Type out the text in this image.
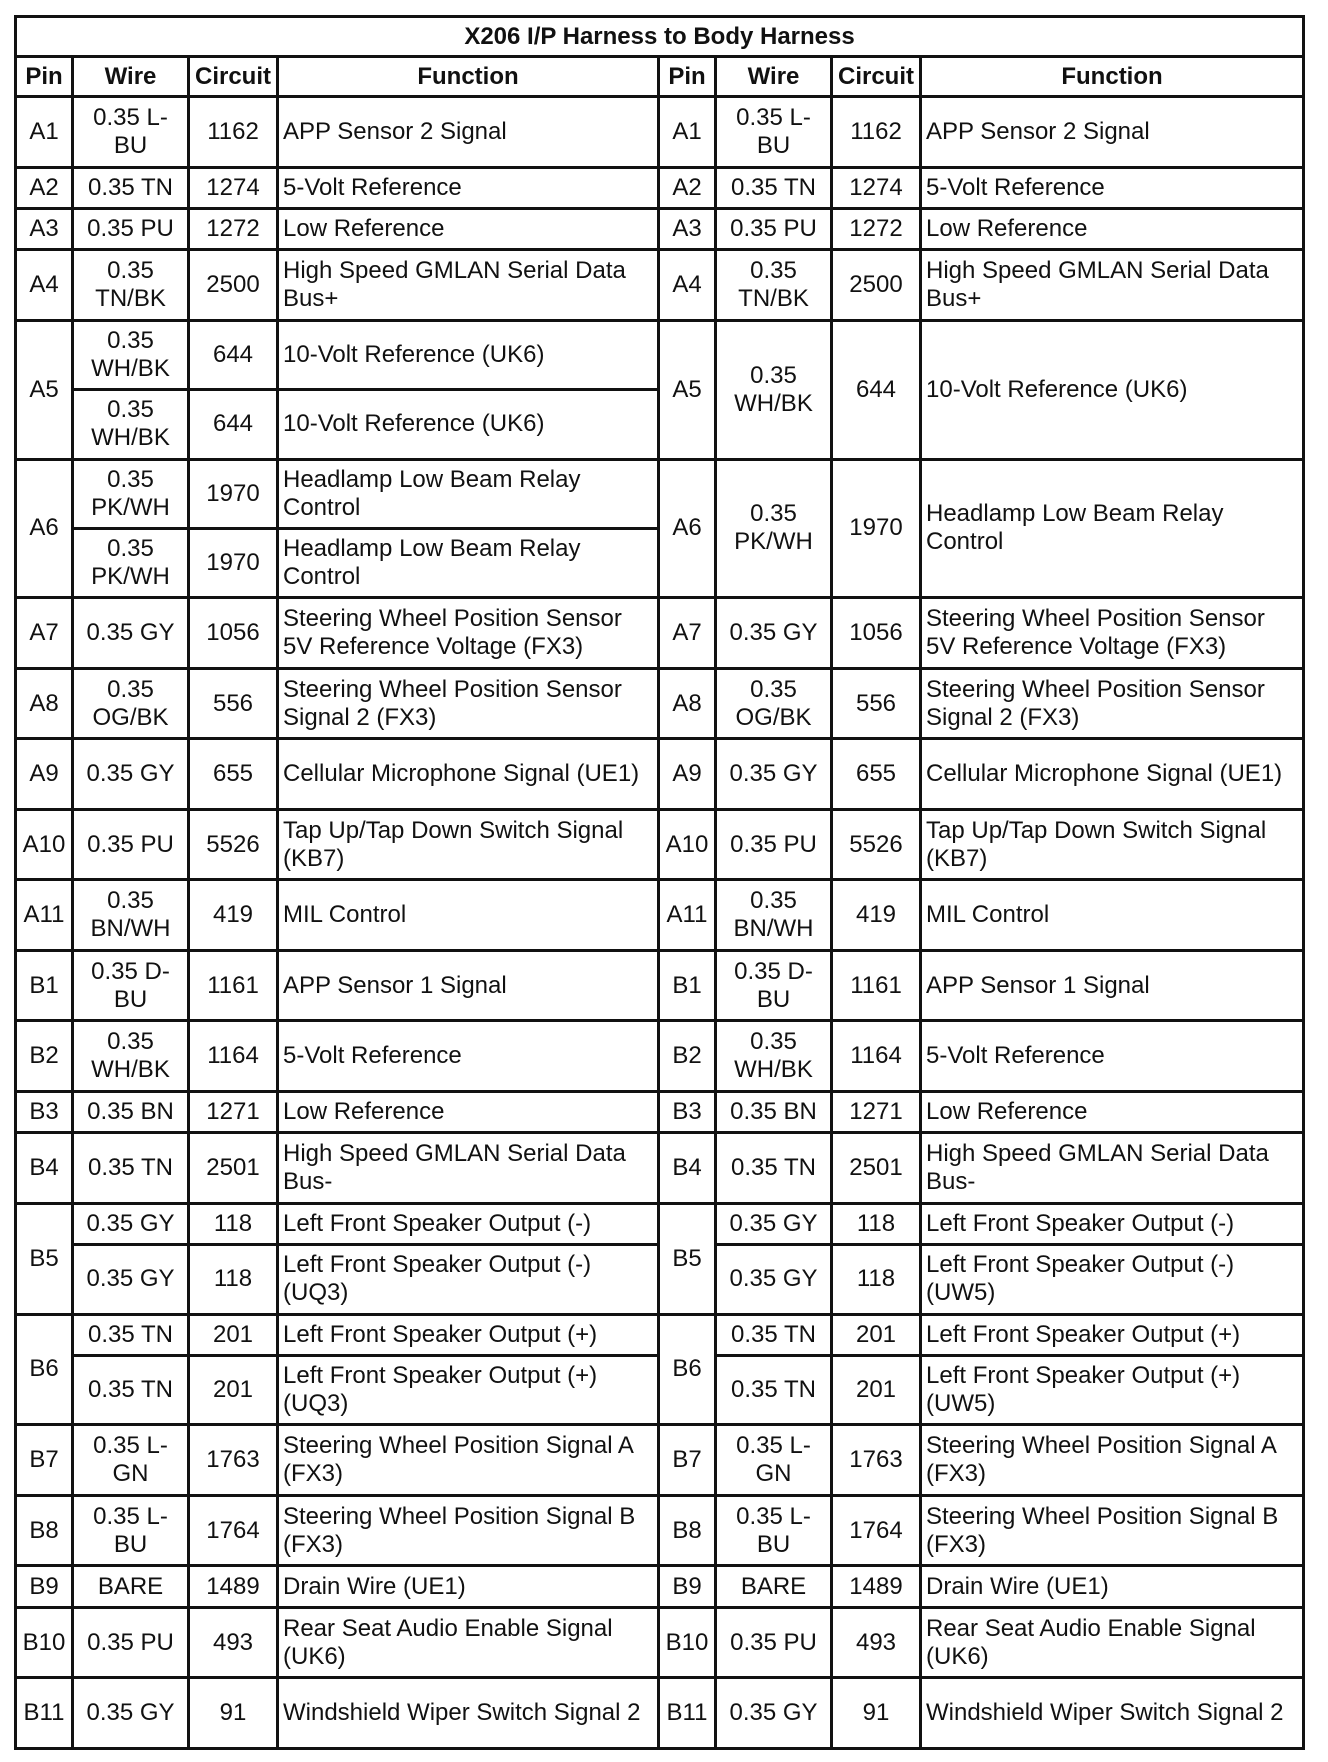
X206 I/P Harness to Body Harness							
Pin	Wire	Circuit	Function	Pin	Wire	Circuit	Function
A1	0.35 L-BU	1162	APP Sensor 2 Signal	A1	0.35 L-BU	1162	APP Sensor 2 Signal
A2	0.35 TN	1274	5-Volt Reference	A2	0.35 TN	1274	5-Volt Reference
A3	0.35 PU	1272	Low Reference	A3	0.35 PU	1272	Low Reference
A4	0.35 TN/BK	2500	High Speed GMLAN Serial Data Bus+	A4	0.35 TN/BK	2500	High Speed GMLAN Serial Data Bus+
A5	0.35 WH/BK	644	10-Volt Reference (UK6)	A5	0.35 WH/BK	644	10-Volt Reference (UK6)
	0.35 WH/BK	644	10-Volt Reference (UK6)				
A6	0.35 PK/WH	1970	Headlamp Low Beam Relay Control	A6	0.35 PK/WH	1970	Headlamp Low Beam Relay Control
	0.35 PK/WH	1970	Headlamp Low Beam Relay Control				
A7	0.35 GY	1056	Steering Wheel Position Sensor 5V Reference Voltage (FX3)	A7	0.35 GY	1056	Steering Wheel Position Sensor 5V Reference Voltage (FX3)
A8	0.35 OG/BK	556	Steering Wheel Position Sensor Signal 2 (FX3)	A8	0.35 OG/BK	556	Steering Wheel Position Sensor Signal 2 (FX3)
A9	0.35 GY	655	Cellular Microphone Signal (UE1)	A9	0.35 GY	655	Cellular Microphone Signal (UE1)
A10	0.35 PU	5526	Tap Up/Tap Down Switch Signal (KB7)	A10	0.35 PU	5526	Tap Up/Tap Down Switch Signal (KB7)
A11	0.35 BN/WH	419	MIL Control	A11	0.35 BN/WH	419	MIL Control
B1	0.35 D-BU	1161	APP Sensor 1 Signal	B1	0.35 D-BU	1161	APP Sensor 1 Signal
B2	0.35 WH/BK	1164	5-Volt Reference	B2	0.35 WH/BK	1164	5-Volt Reference
B3	0.35 BN	1271	Low Reference	B3	0.35 BN	1271	Low Reference
B4	0.35 TN	2501	High Speed GMLAN Serial Data Bus-	B4	0.35 TN	2501	High Speed GMLAN Serial Data Bus-
B5	0.35 GY	118	Left Front Speaker Output (-)	B5	0.35 GY	118	Left Front Speaker Output (-)
	0.35 GY	118	Left Front Speaker Output (-) (UQ3)		0.35 GY	118	Left Front Speaker Output (-) (UW5)
B6	0.35 TN	201	Left Front Speaker Output (+)	B6	0.35 TN	201	Left Front Speaker Output (+)
	0.35 TN	201	Left Front Speaker Output (+) (UQ3)		0.35 TN	201	Left Front Speaker Output (+) (UW5)
B7	0.35 L-GN	1763	Steering Wheel Position Signal A (FX3)	B7	0.35 L-GN	1763	Steering Wheel Position Signal A (FX3)
B8	0.35 L-BU	1764	Steering Wheel Position Signal B (FX3)	B8	0.35 L-BU	1764	Steering Wheel Position Signal B (FX3)
B9	BARE	1489	Drain Wire (UE1)	B9	BARE	1489	Drain Wire (UE1)
B10	0.35 PU	493	Rear Seat Audio Enable Signal (UK6)	B10	0.35 PU	493	Rear Seat Audio Enable Signal (UK6)
B11	0.35 GY	91	Windshield Wiper Switch Signal 2	B11	0.35 GY	91	Windshield Wiper Switch Signal 2
